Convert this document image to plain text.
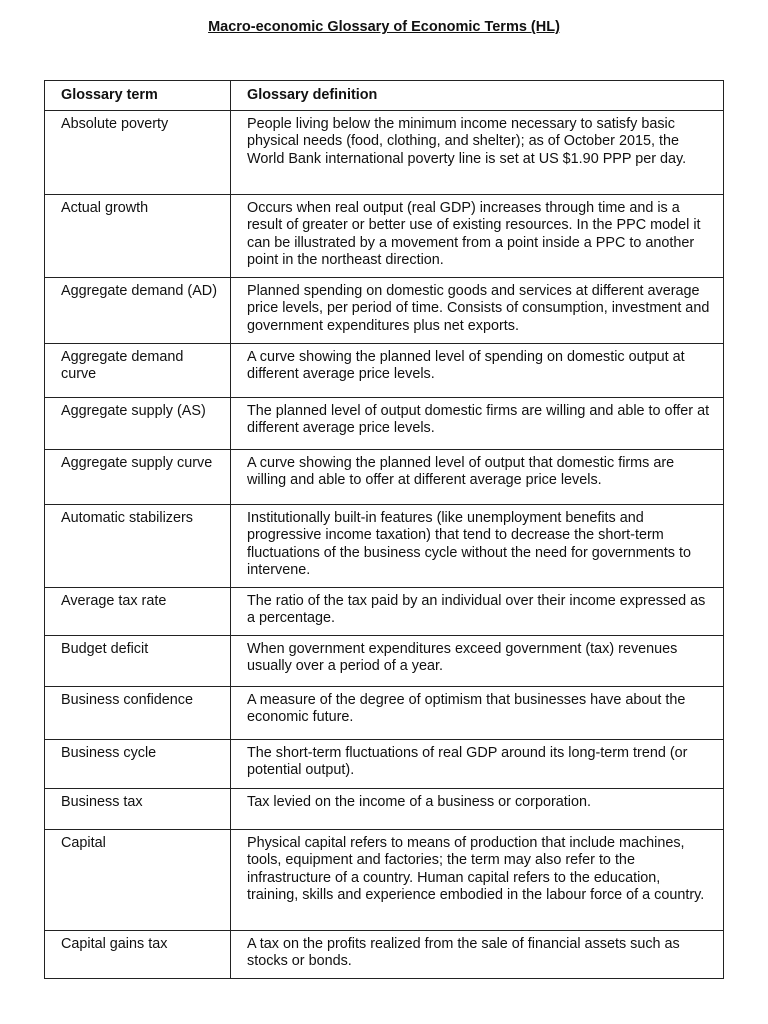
Macro-economic Glossary of Economic Terms (HL)
Glossary term	Glossary definition
Absolute poverty	People living below the minimum income necessary to satisfy basic physical needs (food, clothing, and shelter); as of October 2015, the World Bank international poverty line is set at US $1.90 PPP per day.
Actual growth	Occurs when real output (real GDP) increases through time and is a result of greater or better use of existing resources. In the PPC model it can be illustrated by a movement from a point inside a PPC to another point in the northeast direction.
Aggregate demand (AD)	Planned spending on domestic goods and services at different average price levels, per period of time. Consists of consumption, investment and government expenditures plus net exports.
Aggregate demand curve	A curve showing the planned level of spending on domestic output at different average price levels.
Aggregate supply (AS)	The planned level of output domestic firms are willing and able to offer at different average price levels.
Aggregate supply curve	A curve showing the planned level of output that domestic firms are willing and able to offer at different average price levels.
Automatic stabilizers	Institutionally built-in features (like unemployment benefits and progressive income taxation) that tend to decrease the short-term fluctuations of the business cycle without the need for governments to intervene.
Average tax rate	The ratio of the tax paid by an individual over their income expressed as a percentage.
Budget deficit	When government expenditures exceed government (tax) revenues usually over a period of a year.
Business confidence	A measure of the degree of optimism that businesses have about the economic future.
Business cycle	The short-term fluctuations of real GDP around its long-term trend (or potential output).
Business tax	Tax levied on the income of a business or corporation.
Capital	Physical capital refers to means of production that include machines, tools, equipment and factories; the term may also refer to the infrastructure of a country. Human capital refers to the education, training, skills and experience embodied in the labour force of a country.
Capital gains tax	A tax on the profits realized from the sale of financial assets such as stocks or bonds.
